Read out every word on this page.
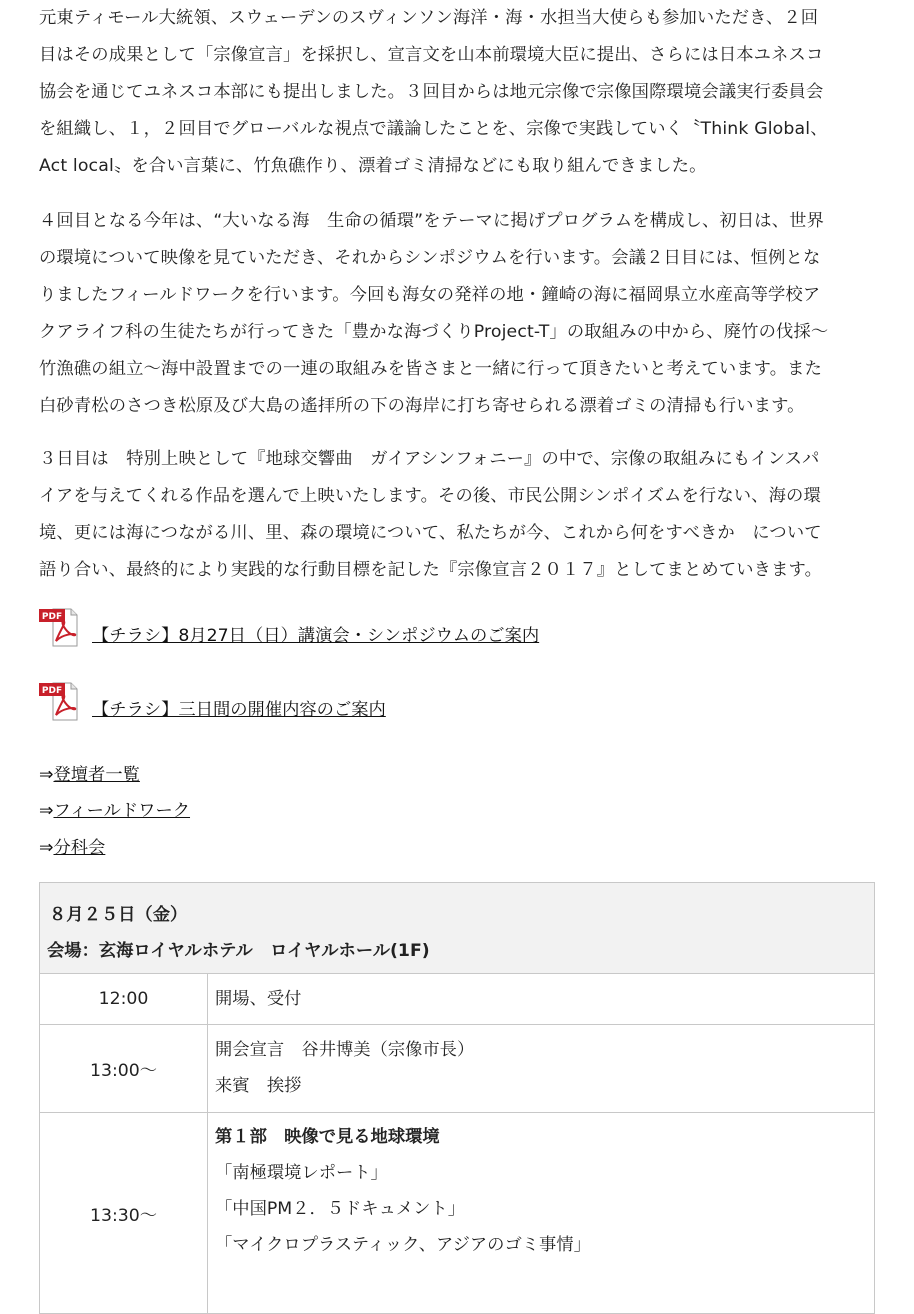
元東ティモール大統領、スウェーデンのスヴィンソン海洋・海・水担当大使らも参加いただき、２回
目はその成果として「宗像宣言」を採択し、宣言文を山本前環境大臣に提出、さらには日本ユネスコ
協会を通じてユネスコ本部にも提出しました。３回目からは地元宗像で宗像国際環境会議実行委員会
を組織し、１，２回目でグローバルな視点で議論したことを、宗像で実践していく〝Think Global、
Act local〟を合い言葉に、竹魚礁作り、漂着ゴミ清掃などにも取り組んできました。

４回目となる今年は、“大いなる海　生命の循環”をテーマに掲げプログラムを構成し、初日は、世界
の環境について映像を見ていただき、それからシンポジウムを行います。会議２日目には、恒例とな
りましたフィールドワークを行います。今回も海女の発祥の地・鐘崎の海に福岡県立水産高等学校ア
クアライフ科の生徒たちが行ってきた「豊かな海づくりProject-T」の取組みの中から、廃竹の伐採～
竹漁礁の組立～海中設置までの一連の取組みを皆さまと一緒に行って頂きたいと考えています。また
白砂青松のさつき松原及び大島の遙拝所の下の海岸に打ち寄せられる漂着ゴミの清掃も行います。

３日目は　特別上映として『地球交響曲　ガイアシンフォニー』の中で、宗像の取組みにもインスパ
イアを与えてくれる作品を選んで上映いたします。その後、市民公開シンポイズムを行ない、海の環
境、更には海につながる川、里、森の環境について、私たちが今、これから何をすべきか　について
語り合い、最終的により実践的な行動目標を記した『宗像宣言２０１７』としてまとめていきます。

PDF
【チラシ】8月27日（日）講演会・シンポジウムのご案内
PDF
【チラシ】三日間の開催内容のご案内
⇒登壇者一覧
⇒フィールドワーク
⇒分科会
８月２５日（金）
会場：玄海ロイヤルホテル　ロイヤルホール(1F)
12:00	開場、受付
13:00～
開会宣言　谷井博美（宗像市長）
来賓　挨拶
13:30～
第１部　映像で見る地球環境
「南極環境レポート」
「中国PM２．５ドキュメント」
「マイクロプラスティック、アジアのゴミ事情」
